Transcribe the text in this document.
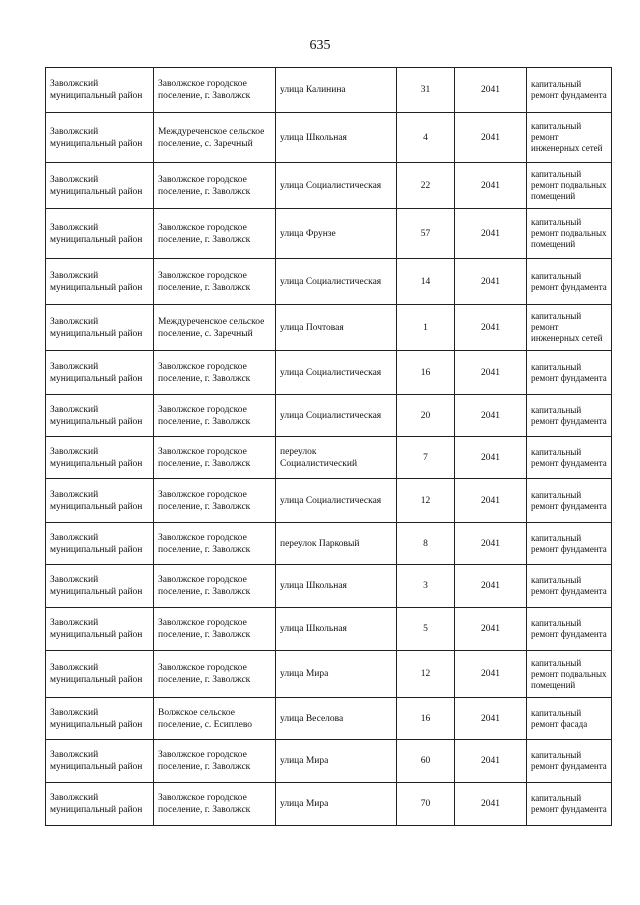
635
Заволжский муниципальный район	Заволжское городское поселение, г. Заволжск	улица Калинина	31	2041	капитальный ремонт фундамента
Заволжский муниципальный район	Междуреченское сельское поселение, с. Заречный	улица Школьная	4	2041	капитальный ремонт инженерных сетей
Заволжский муниципальный район	Заволжское городское поселение, г. Заволжск	улица Социалистическая	22	2041	капитальный ремонт подвальных помещений
Заволжский муниципальный район	Заволжское городское поселение, г. Заволжск	улица Фрунзе	57	2041	капитальный ремонт подвальных помещений
Заволжский муниципальный район	Заволжское городское поселение, г. Заволжск	улица Социалистическая	14	2041	капитальный ремонт фундамента
Заволжский муниципальный район	Междуреченское сельское поселение, с. Заречный	улица Почтовая	1	2041	капитальный ремонт инженерных сетей
Заволжский муниципальный район	Заволжское городское поселение, г. Заволжск	улица Социалистическая	16	2041	капитальный ремонт фундамента
Заволжский муниципальный район	Заволжское городское поселение, г. Заволжск	улица Социалистическая	20	2041	капитальный ремонт фундамента
Заволжский муниципальный район	Заволжское городское поселение, г. Заволжск	переулок Социалистический	7	2041	капитальный ремонт фундамента
Заволжский муниципальный район	Заволжское городское поселение, г. Заволжск	улица Социалистическая	12	2041	капитальный ремонт фундамента
Заволжский муниципальный район	Заволжское городское поселение, г. Заволжск	переулок Парковый	8	2041	капитальный ремонт фундамента
Заволжский муниципальный район	Заволжское городское поселение, г. Заволжск	улица Школьная	3	2041	капитальный ремонт фундамента
Заволжский муниципальный район	Заволжское городское поселение, г. Заволжск	улица Школьная	5	2041	капитальный ремонт фундамента
Заволжский муниципальный район	Заволжское городское поселение, г. Заволжск	улица Мира	12	2041	капитальный ремонт подвальных помещений
Заволжский муниципальный район	Волжское сельское поселение, с. Есиплево	улица Веселова	16	2041	капитальный ремонт фасада
Заволжский муниципальный район	Заволжское городское поселение, г. Заволжск	улица Мира	60	2041	капитальный ремонт фундамента
Заволжский муниципальный район	Заволжское городское поселение, г. Заволжск	улица Мира	70	2041	капитальный ремонт фундамента
